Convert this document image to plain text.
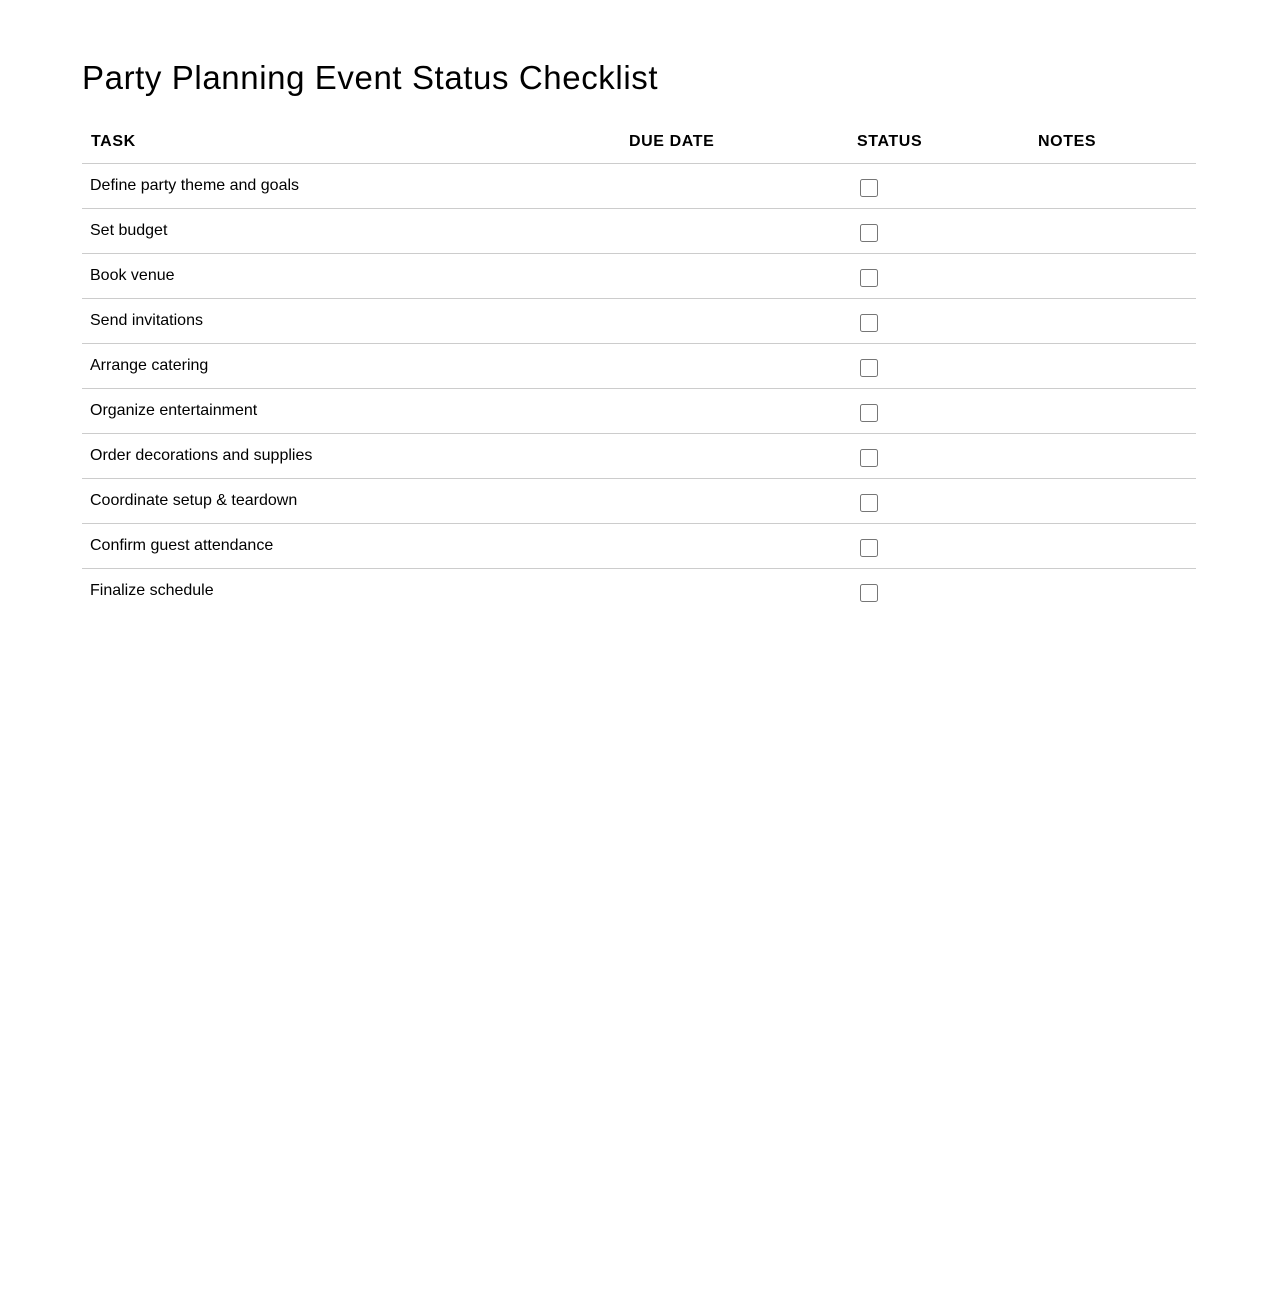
Party Planning Event Status Checklist
TASK	DUE DATE	STATUS	NOTES
Define party theme and goals
Set budget
Book venue
Send invitations
Arrange catering
Organize entertainment
Order decorations and supplies
Coordinate setup & teardown
Confirm guest attendance
Finalize schedule
